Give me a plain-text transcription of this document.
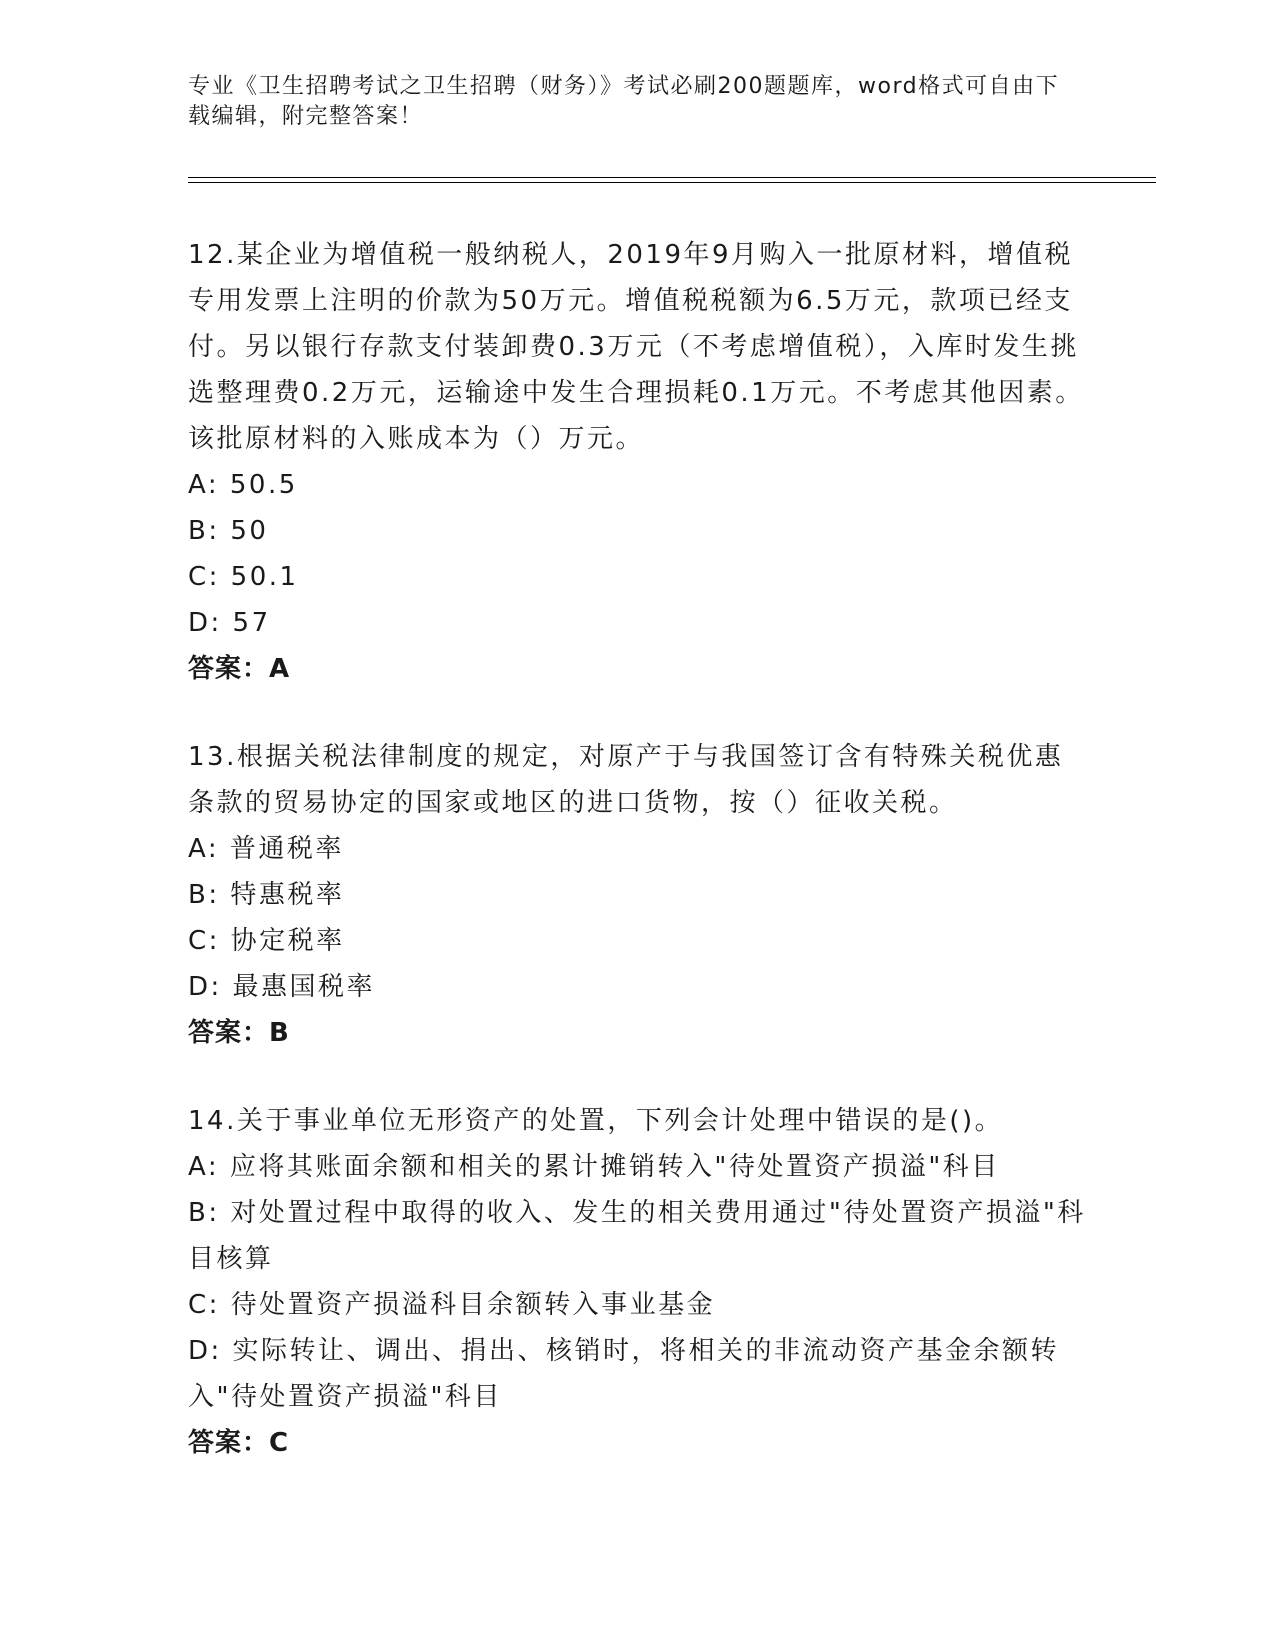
专业《卫生招聘考试之卫生招聘（财务）》考试必刷200题题库，word格式可自由下载编辑，附完整答案！

12.某企业为增值税一般纳税人，2019年9月购入一批原材料，增值税专用发票上注明的价款为50万元。增值税税额为6.5万元，款项已经支付。另以银行存款支付装卸费0.3万元（不考虑增值税），入库时发生挑选整理费0.2万元，运输途中发生合理损耗0.1万元。不考虑其他因素。该批原材料的入账成本为（）万元。

A: 50.5

B: 50

C: 50.1

D: 57

答案：A

13.根据关税法律制度的规定，对原产于与我国签订含有特殊关税优惠条款的贸易协定的国家或地区的进口货物，按（）征收关税。

A: 普通税率

B: 特惠税率

C: 协定税率

D: 最惠国税率

答案：B

14.关于事业单位无形资产的处置，下列会计处理中错误的是()。

A: 应将其账面余额和相关的累计摊销转入"待处置资产损溢"科目

B: 对处置过程中取得的收入、发生的相关费用通过"待处置资产损溢"科目核算

C: 待处置资产损溢科目余额转入事业基金

D: 实际转让、调出、捐出、核销时，将相关的非流动资产基金余额转入"待处置资产损溢"科目

答案：C
